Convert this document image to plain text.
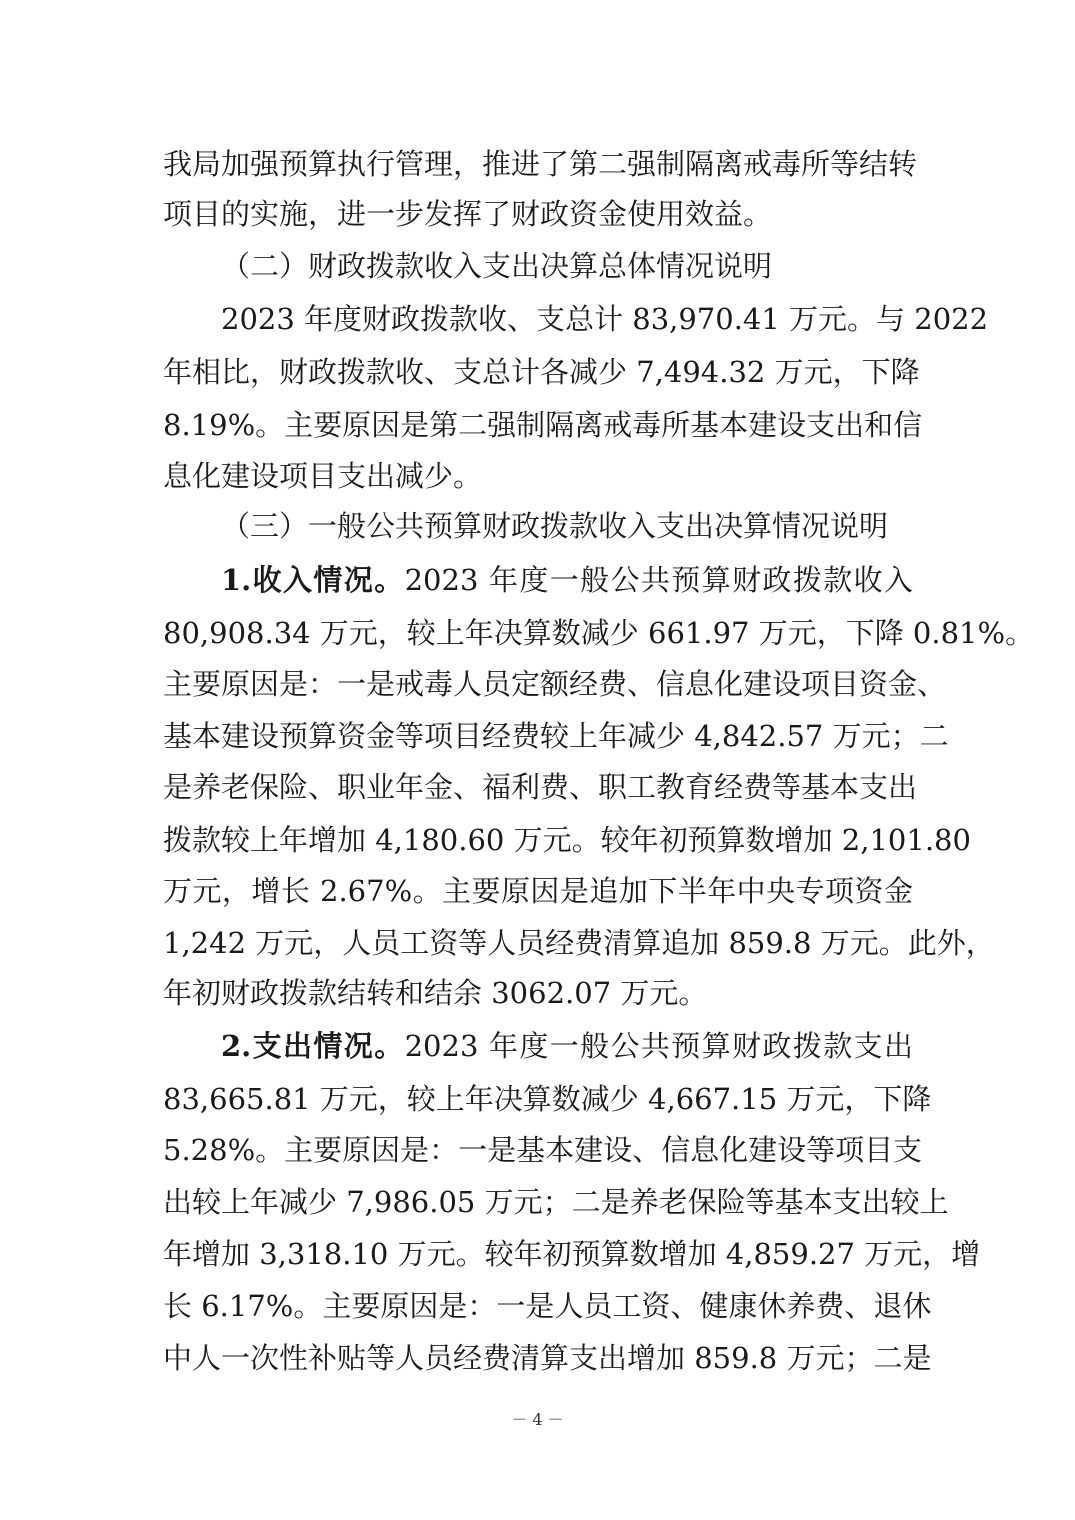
我局加强预算执行管理，推进了第二强制隔离戒毒所等结转
项目的实施，进一步发挥了财政资金使用效益。
（二）财政拨款收入支出决算总体情况说明
2023 年度财政拨款收、支总计 83,970.41 万元。与 2022
年相比，财政拨款收、支总计各减少 7,494.32 万元，下降
8.19%。主要原因是第二强制隔离戒毒所基本建设支出和信
息化建设项目支出减少。
（三）一般公共预算财政拨款收入支出决算情况说明
1.收入情况。2023 年度一般公共预算财政拨款收入
80,908.34 万元，较上年决算数减少 661.97 万元，下降 0.81%。
主要原因是：一是戒毒人员定额经费、信息化建设项目资金、
基本建设预算资金等项目经费较上年减少 4,842.57 万元；二
是养老保险、职业年金、福利费、职工教育经费等基本支出
拨款较上年增加 4,180.60 万元。较年初预算数增加 2,101.80
万元，增长 2.67%。主要原因是追加下半年中央专项资金
1,242 万元，人员工资等人员经费清算追加 859.8 万元。此外，
年初财政拨款结转和结余 3062.07 万元。
2.支出情况。2023 年度一般公共预算财政拨款支出
83,665.81 万元，较上年决算数减少 4,667.15 万元，下降
5.28%。主要原因是：一是基本建设、信息化建设等项目支
出较上年减少 7,986.05 万元；二是养老保险等基本支出较上
年增加 3,318.10 万元。较年初预算数增加 4,859.27 万元，增
长 6.17%。主要原因是：一是人员工资、健康休养费、退休
中人一次性补贴等人员经费清算支出增加 859.8 万元；二是
－ 4 －
